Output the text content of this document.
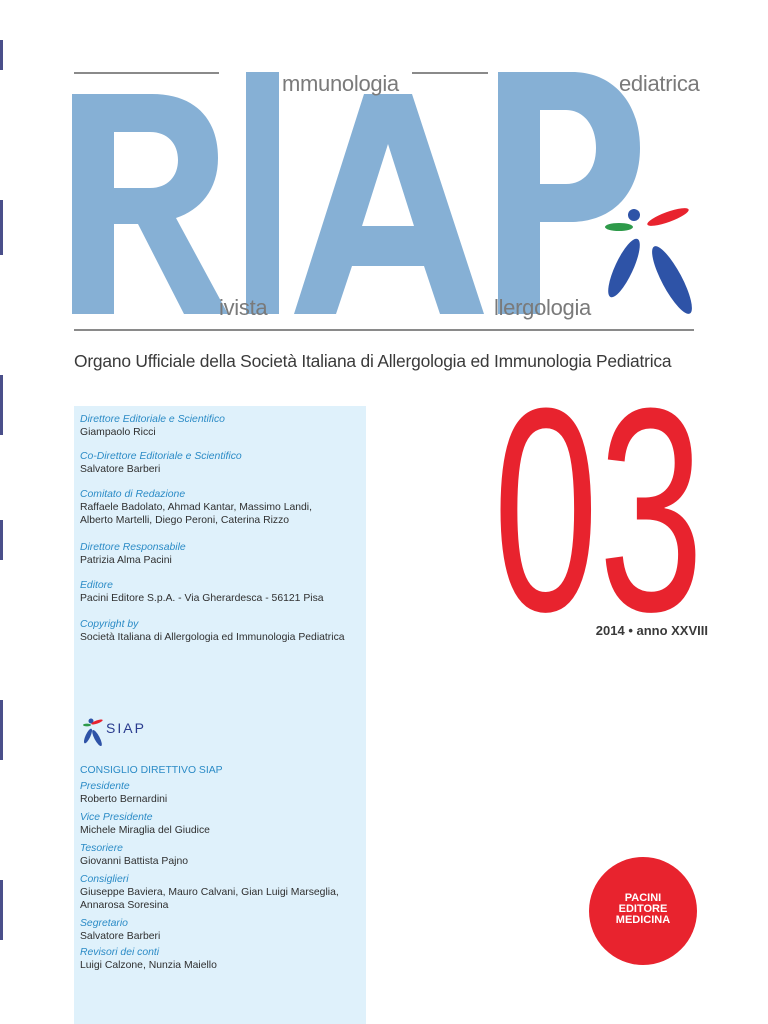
mmunologia	ediatrica
ivista	llergologia
Organo Ufficiale della Società Italiana di Allergologia ed Immunologia Pediatrica
Direttore Editoriale e Scientifico
Giampaolo Ricci
Co-Direttore Editoriale e Scientifico
Salvatore Barberi
Comitato di Redazione
Raffaele Badolato, Ahmad Kantar, Massimo Landi,
Alberto Martelli, Diego Peroni, Caterina Rizzo
Direttore Responsabile
Patrizia Alma Pacini
Editore
Pacini Editore S.p.A. - Via Gherardesca - 56121 Pisa
Copyright by
Società Italiana di Allergologia ed Immunologia Pediatrica
SIAP
CONSIGLIO DIRETTIVO SIAP
Presidente
Roberto Bernardini
Vice Presidente
Michele Miraglia del Giudice
Tesoriere
Giovanni Battista Pajno
Consiglieri
Giuseppe Baviera, Mauro Calvani, Gian Luigi Marseglia,
Annarosa Soresina
Segretario
Salvatore Barberi
Revisori dei conti
Luigi Calzone, Nunzia Maiello
03
2014 • anno XXVIII
PACINI
EDITORE
MEDICINA
